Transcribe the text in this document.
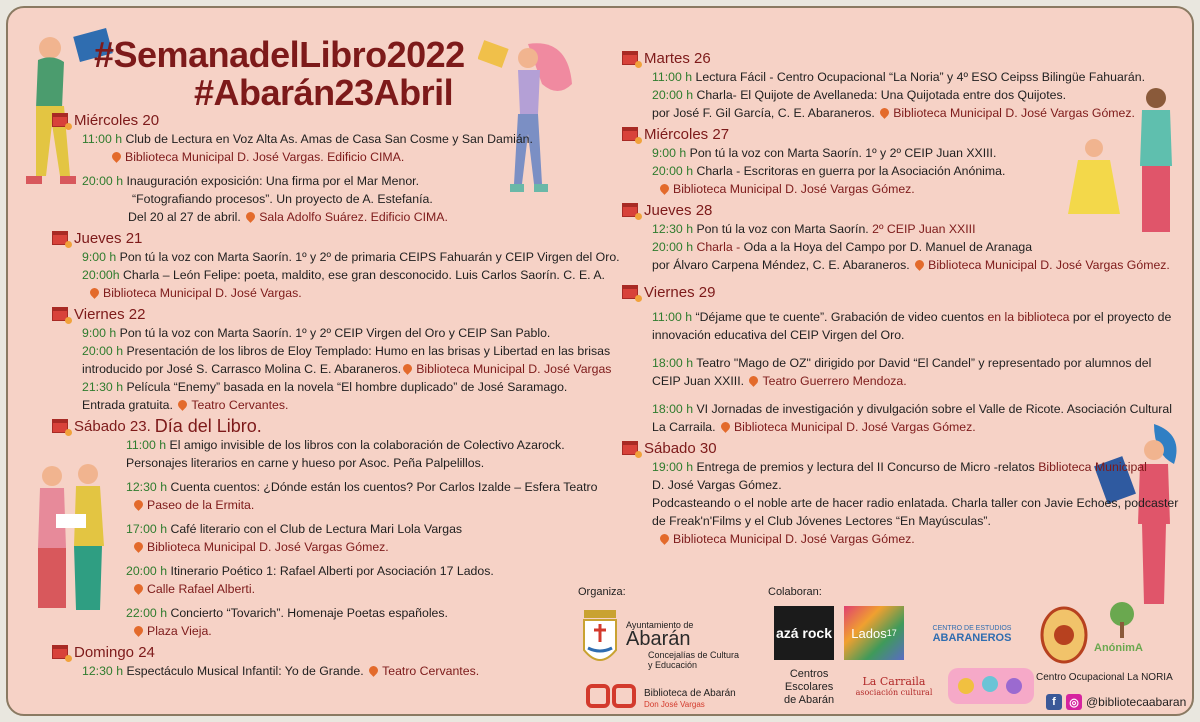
#SemanadelLibro2022
#Abarán23Abril
Miércoles 20
11:00 h Club de Lectura en Voz Alta As. Amas de Casa San Cosme y San Damián.
Biblioteca Municipal D. José Vargas. Edificio CIMA.
20:00 h Inauguración exposición: Una firma por el Mar Menor.
“Fotografiando procesos”. Un proyecto de A. Estefanía.
Del 20 al 27 de abril. Sala Adolfo Suárez. Edificio CIMA.
Jueves 21
9:00 h Pon tú la voz con Marta Saorín. 1º y 2º de primaria CEIPS Fahuarán y CEIP Virgen del Oro.
20:00h Charla – León Felipe: poeta, maldito, ese gran desconocido. Luis Carlos Saorín. C. E. A.
Biblioteca Municipal D. José Vargas.
Viernes 22
9:00 h Pon tú la voz con Marta Saorín. 1º y 2º CEIP Virgen del Oro y CEIP San Pablo.
20:00 h Presentación de los libros de Eloy Templado: Humo en las brisas y Libertad en las brisas
introducido por José S. Carrasco Molina C. E. Abaraneros. Biblioteca Municipal D. José Vargas
21:30 h Película “Enemy” basada en la novela “El hombre duplicado” de José Saramago.
Entrada gratuita. Teatro Cervantes.
Sábado 23. Día del Libro.
11:00 h El amigo invisible de los libros con la colaboración de Colectivo Azarock.
Personajes literarios en carne y hueso por Asoc. Peña Palpelillos.
12:30 h Cuenta cuentos: ¿Dónde están los cuentos? Por Carlos Izalde – Esfera Teatro
Paseo de la Ermita.
17:00 h Café literario con el Club de Lectura Mari Lola Vargas
Biblioteca Municipal D. José Vargas Gómez.
20:00 h Itinerario Poético 1: Rafael Alberti por Asociación 17 Lados.
Calle Rafael Alberti.
22:00 h Concierto “Tovarich”. Homenaje Poetas españoles.
Plaza Vieja.
Domingo 24
12:30 h Espectáculo Musical Infantil: Yo de Grande. Teatro Cervantes.
Martes 26
11:00 h Lectura Fácil - Centro Ocupacional “La Noria” y 4º ESO Ceipss Bilingüe Fahuarán.
20:00 h Charla- El Quijote de Avellaneda: Una Quijotada entre dos Quijotes.
por José F. Gil García, C. E. Abaraneros. Biblioteca Municipal D. José Vargas Gómez.
Miércoles 27
9:00 h Pon tú la voz con Marta Saorín. 1º y 2º CEIP Juan XXIII.
20:00 h Charla - Escritoras en guerra por la Asociación Anónima.
Biblioteca Municipal D. José Vargas Gómez.
Jueves 28
12:30 h Pon tú la voz con Marta Saorín. 2º CEIP Juan XXIII
20:00 h Charla - Oda a la Hoya del Campo por D. Manuel de Aranaga
por Álvaro Carpena Méndez, C. E. Abaraneros. Biblioteca Municipal D. José Vargas Gómez.
Viernes 29
11:00 h “Déjame que te cuente”. Grabación de video cuentos en la biblioteca por el proyecto de
innovación educativa del CEIP Virgen del Oro.
18:00 h Teatro "Mago de OZ" dirigido por David “El Candel” y representado por alumnos del
CEIP Juan XXIII. Teatro Guerrero Mendoza.
18:00 h VI Jornadas de investigación y divulgación sobre el Valle de Ricote. Asociación Cultural
La Carraila. Biblioteca Municipal D. José Vargas Gómez.
Sábado 30
19:00 h Entrega de premios y lectura del II Concurso de Micro -relatos Biblioteca Municipal
D. José Vargas Gómez.
Podcasteando o el noble arte de hacer radio enlatada. Charla taller con Javie Echoes, podcaster
de Freak'n'Films y el Club Jóvenes Lectores “En Mayúsculas”.
Biblioteca Municipal D. José Vargas Gómez.
Organiza:	Colaboran:
Ayuntamiento de
Abarán
Concejalías de Cultura
y Educación
Biblioteca de Abarán
Don José Vargas
azá rock Lados 17	CENTRO DE ESTUDIOS
ABARANEROS
AnónimA
Centros
Escolares
de Abarán
La Carraila
asociación cultural
Centro Ocupacional La NORIA
f	◎ @bibliotecaabaran
